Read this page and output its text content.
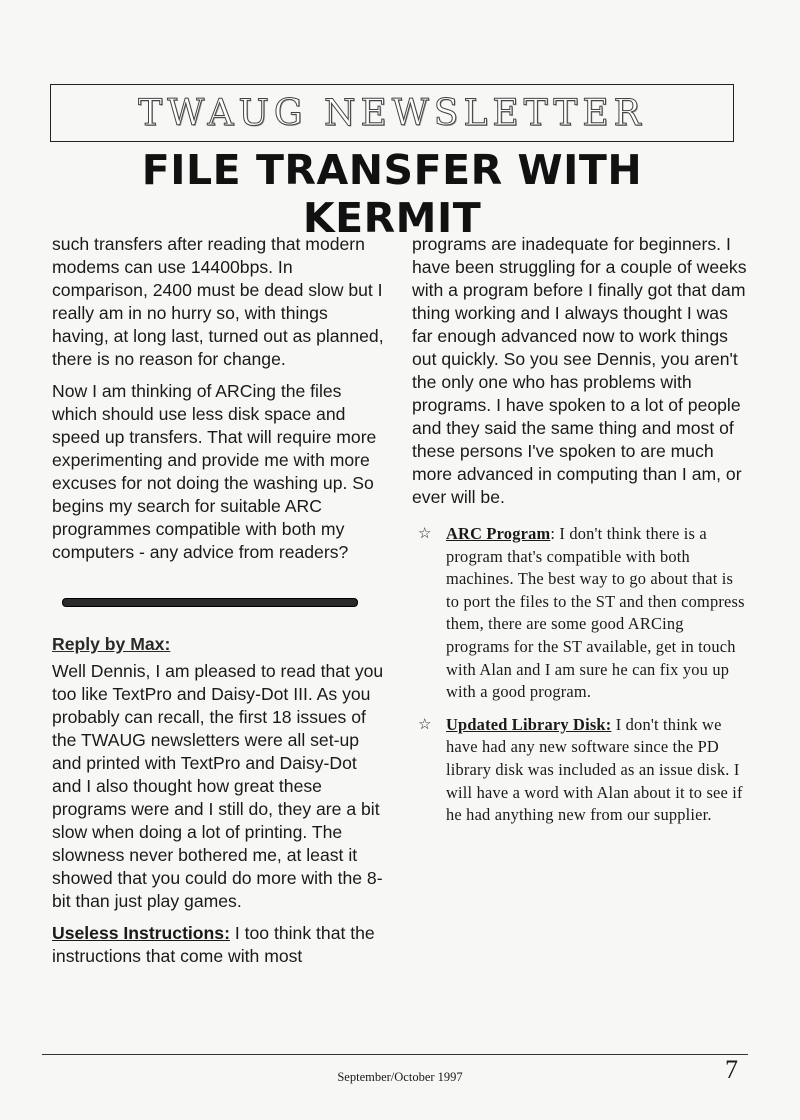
TWAUG NEWSLETTER
FILE TRANSFER WITH KERMIT

such transfers after reading that modern modems can use 14400bps. In comparison, 2400 must be dead slow but I really am in no hurry so, with things having, at long last, turned out as planned, there is no reason for change.

Now I am thinking of ARCing the files which should use less disk space and speed up transfers. That will require more experimenting and provide me with more excuses for not doing the washing up. So begins my search for suitable ARC programmes compatible with both my computers - any advice from readers?

Reply by Max:

Well Dennis, I am pleased to read that you too like TextPro and Daisy-Dot III. As you probably can recall, the first 18 issues of the TWAUG newsletters were all set-up and printed with TextPro and Daisy-Dot and I also thought how great these programs were and I still do, they are a bit slow when doing a lot of printing. The slowness never bothered me, at least it showed that you could do more with the 8-bit than just play games.

Useless Instructions: I too think that the instructions that come with most

programs are inadequate for beginners. I have been struggling for a couple of weeks with a program before I finally got that dam thing working and I always thought I was far enough advanced now to work things out quickly. So you see Dennis, you aren't the only one who has problems with programs. I have spoken to a lot of people and they said the same thing and most of these persons I've spoken to are much more advanced in computing than I am, or ever will be.

☆ ARC Program: I don't think there is a program that's compatible with both machines. The best way to go about that is to port the files to the ST and then compress them, there are some good ARCing programs for the ST available, get in touch with Alan and I am sure he can fix you up with a good program.
☆ Updated Library Disk: I don't think we have had any new software since the PD library disk was included as an issue disk. I will have a word with Alan about it to see if he had anything new from our supplier.
September/October 1997	7
